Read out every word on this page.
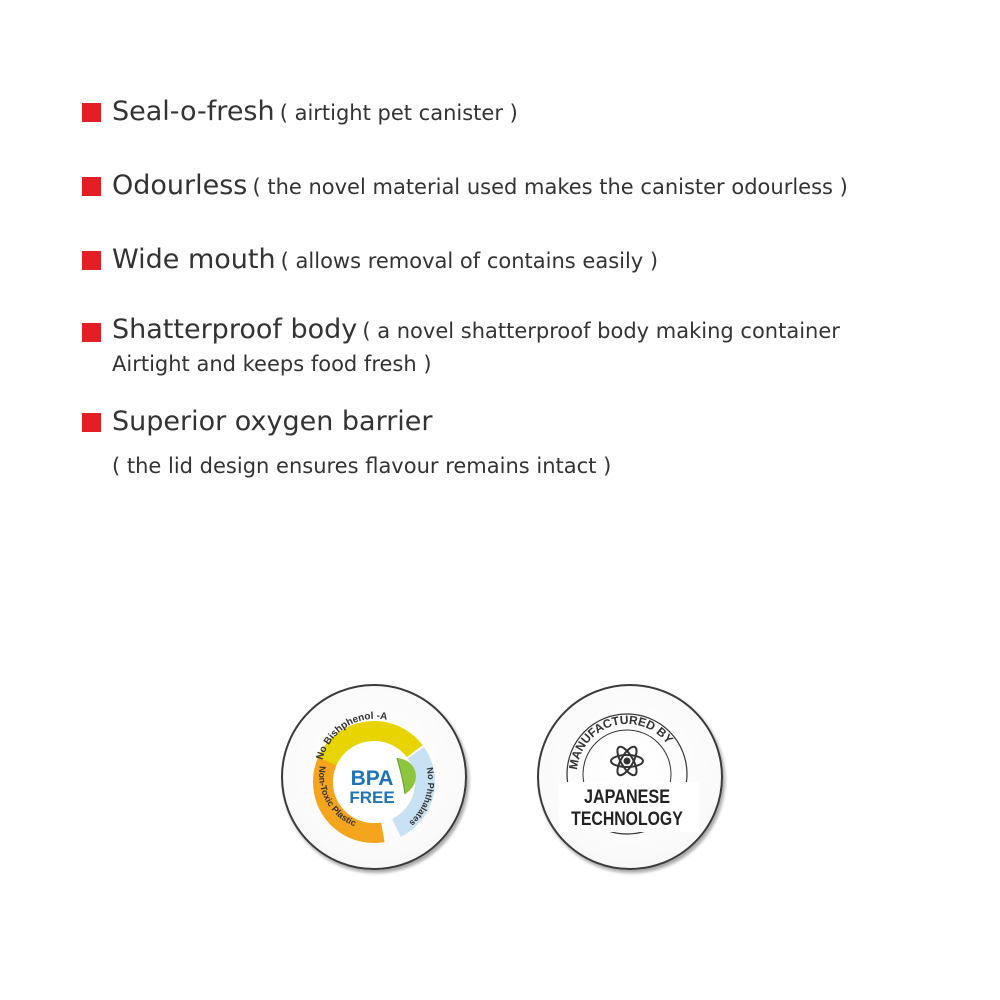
Seal-o-fresh ( airtight pet canister )
Odourless ( the novel material used makes the canister odourless )
Wide mouth ( allows removal of contains easily )
Shatterproof body ( a novel shatterproof body making container
Airtight and keeps food fresh )
Superior oxygen barrier
( the lid design ensures flavour remains intact )
BPA
FREE
No Bishphenol -A
No Phthalates
Non-Toxic Plastic
MANUFACTURED BY
JAPANESE
TECHNOLOGY
